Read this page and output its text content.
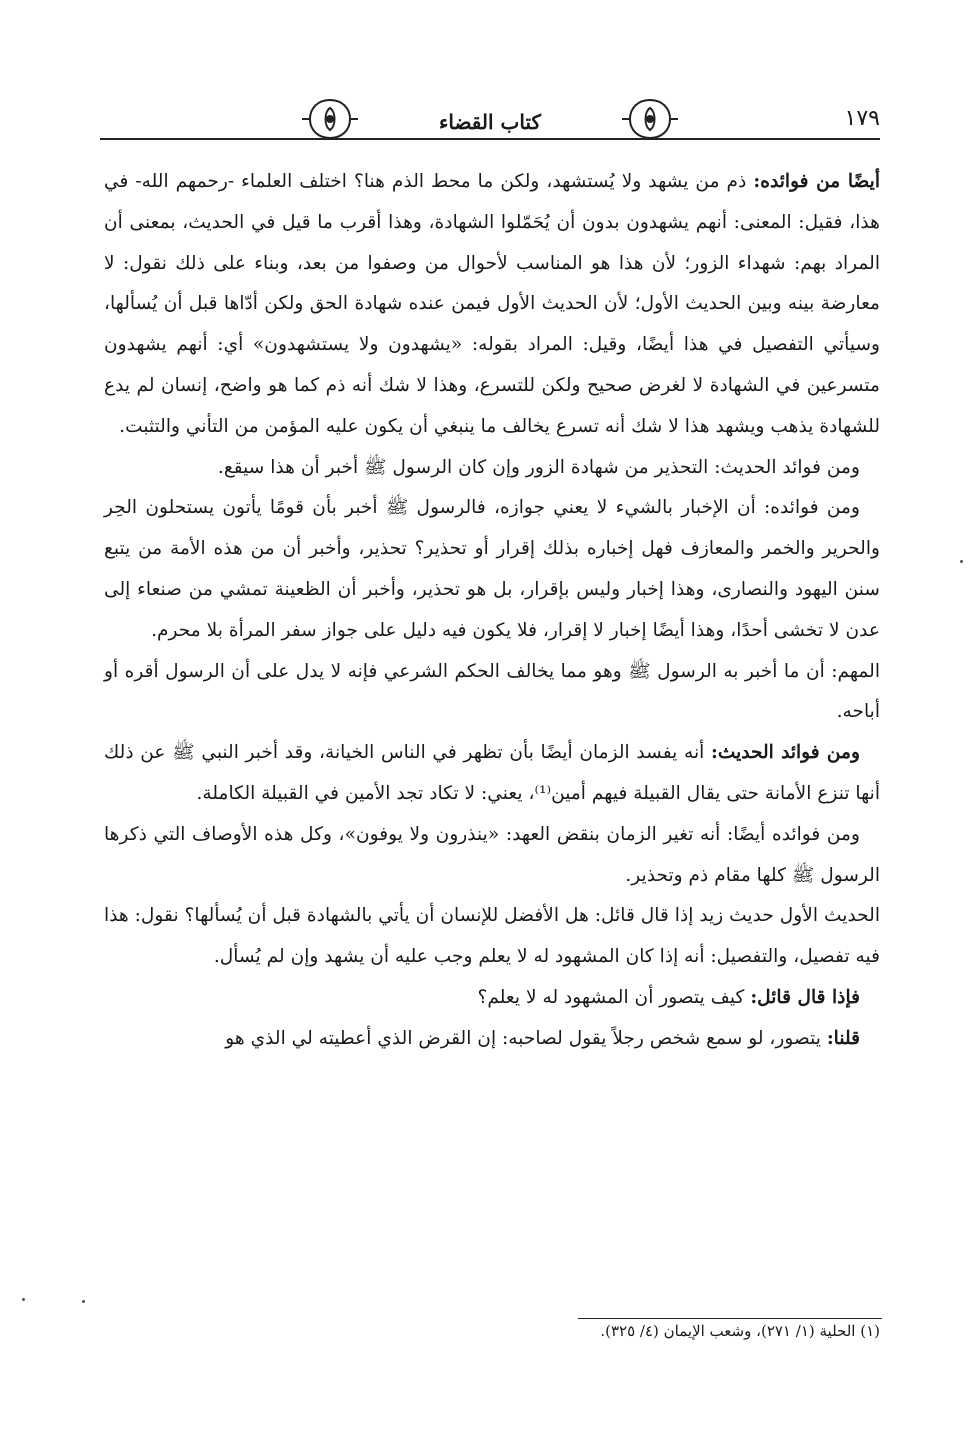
١٧٩
كتاب القضاء

أيضًا من فوائده: ذم من يشهد ولا يُستشهد، ولكن ما محط الذم هنا؟ اختلف العلماء -رحمهم الله- في هذا، فقيل: المعنى: أنهم يشهدون بدون أن يُحَمّلوا الشهادة، وهذا أقرب ما قيل في الحديث، بمعنى أن المراد بهم: شهداء الزور؛ لأن هذا هو المناسب لأحوال من وصفوا من بعد، وبناء على ذلك نقول: لا معارضة بينه وبين الحديث الأول؛ لأن الحديث الأول فيمن عنده شهادة الحق ولكن أدّاها قبل أن يُسألها، وسيأتي التفصيل في هذا أيضًا، وقيل: المراد بقوله: «يشهدون ولا يستشهدون» أي: أنهم يشهدون متسرعين في الشهادة لا لغرض صحيح ولكن للتسرع، وهذا لا شك أنه ذم كما هو واضح، إنسان لم يدع للشهادة يذهب ويشهد هذا لا شك أنه تسرع يخالف ما ينبغي أن يكون عليه المؤمن من التأني والتثبت.

ومن فوائد الحديث: التحذير من شهادة الزور وإن كان الرسول ﷺ أخبر أن هذا سيقع.

ومن فوائده: أن الإخبار بالشيء لا يعني جوازه، فالرسول ﷺ أخبر بأن قومًا يأتون يستحلون الحِر والحرير والخمر والمعازف فهل إخباره بذلك إقرار أو تحذير؟ تحذير، وأخبر أن من هذه الأمة من يتبع سنن اليهود والنصارى، وهذا إخبار وليس بإقرار، بل هو تحذير، وأخبر أن الظعينة تمشي من صنعاء إلى عدن لا تخشى أحدًا، وهذا أيضًا إخبار لا إقرار، فلا يكون فيه دليل على جواز سفر المرأة بلا محرم.

المهم: أن ما أخبر به الرسول ﷺ وهو مما يخالف الحكم الشرعي فإنه لا يدل على أن الرسول أقره أو أباحه.

ومن فوائد الحديث: أنه يفسد الزمان أيضًا بأن تظهر في الناس الخيانة، وقد أخبر النبي ﷺ عن ذلك أنها تنزع الأمانة حتى يقال القبيلة فيهم أمين⁽¹⁾، يعني: لا تكاد تجد الأمين في القبيلة الكاملة.

ومن فوائده أيضًا: أنه تغير الزمان بنقض العهد: «ينذرون ولا يوفون»، وكل هذه الأوصاف التي ذكرها الرسول ﷺ كلها مقام ذم وتحذير.

الحديث الأول حديث زيد إذا قال قائل: هل الأفضل للإنسان أن يأتي بالشهادة قبل أن يُسألها؟ نقول: هذا فيه تفصيل، والتفصيل: أنه إذا كان المشهود له لا يعلم وجب عليه أن يشهد وإن لم يُسأل.

فإذا قال قائل: كيف يتصور أن المشهود له لا يعلم؟

قلنا: يتصور، لو سمع شخص رجلاً يقول لصاحبه: إن القرض الذي أعطيته لي الذي هو

(١) الحلية (١/ ٢٧١)، وشعب الإيمان (٤/ ٣٢٥).
